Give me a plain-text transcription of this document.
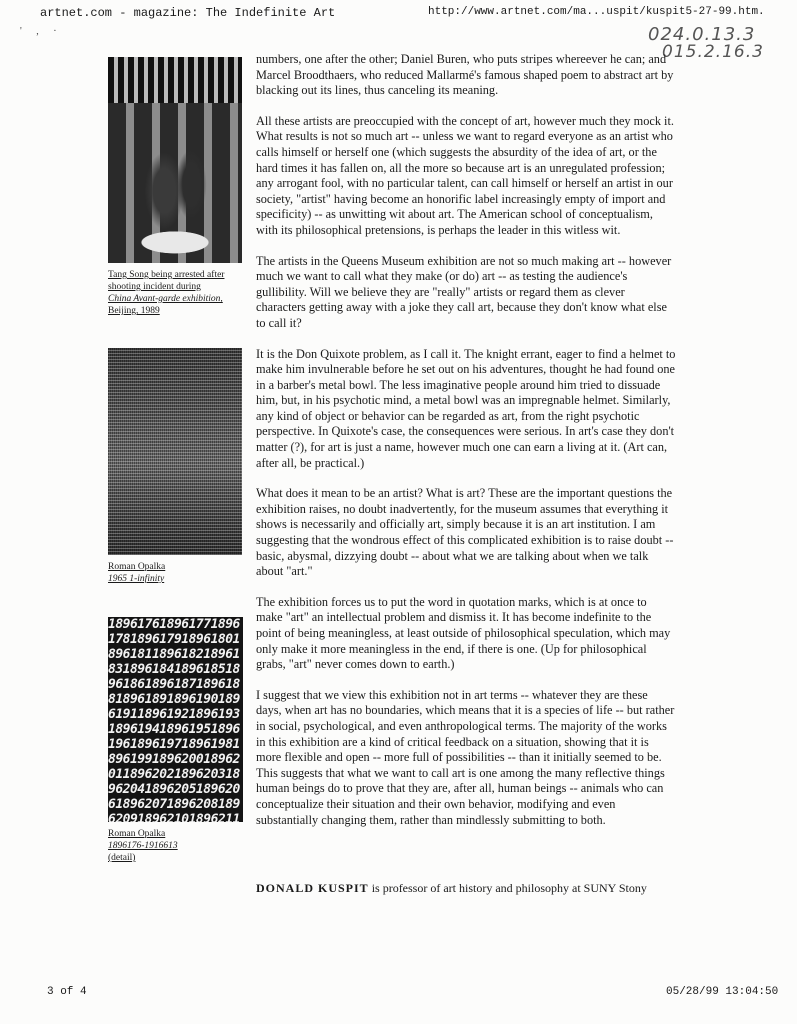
artnet.com - magazine: The Indefinite Art	http://www.artnet.com/ma...uspit/kuspit5-27-99.htm.
' , ·	024.0.13.3
015.2.16.3
Tang Song being arrested after
shooting incident during
China Avant-garde exhibition,
Beijing, 1989
Roman Opalka
1965 1-infinity
189617618961771896178189617918961801896181189618218961831896184189618518961861896187189618818961891896190189619118961921896193189619418961951896196189619718961981896199189620018962011896202189620318962041896205189620618962071896208189620918962101896211
Roman Opalka
1896176-1916613
(detail)

numbers, one after the other; Daniel Buren, who puts stripes whereever he can; and Marcel Broodthaers, who reduced Mallarmé's famous shaped poem to abstract art by blacking out its lines, thus canceling its meaning.

All these artists are preoccupied with the concept of art, however much they mock it. What results is not so much art -- unless we want to regard everyone as an artist who calls himself or herself one (which suggests the absurdity of the idea of art, or the hard times it has fallen on, all the more so because art is an unregulated profession; any arrogant fool, with no particular talent, can call himself or herself an artist in our society, "artist" having become an honorific label increasingly empty of import and specificity) -- as unwitting wit about art. The American school of conceptualism, with its philosophical pretensions, is perhaps the leader in this witless wit.

The artists in the Queens Museum exhibition are not so much making art -- however much we want to call what they make (or do) art -- as testing the audience's gullibility. Will we believe they are "really" artists or regard them as clever characters getting away with a joke they call art, because they don't know what else to call it?

It is the Don Quixote problem, as I call it. The knight errant, eager to find a helmet to make him invulnerable before he set out on his adventures, thought he had found one in a barber's metal bowl. The less imaginative people around him tried to dissuade him, but, in his psychotic mind, a metal bowl was an impregnable helmet. Similarly, any kind of object or behavior can be regarded as art, from the right psychotic perspective. In Quixote's case, the consequences were serious. In art's case they don't matter (?), for art is just a name, however much one can earn a living at it. (Art can, after all, be practical.)

What does it mean to be an artist? What is art? These are the important questions the exhibition raises, no doubt inadvertently, for the museum assumes that everything it shows is necessarily and officially art, simply because it is an art institution. I am suggesting that the wondrous effect of this complicated exhibition is to raise doubt -- basic, abysmal, dizzying doubt -- about what we are talking about when we talk about "art."

The exhibition forces us to put the word in quotation marks, which is at once to make "art" an intellectual problem and dismiss it. It has become indefinite to the point of being meaningless, at least outside of philosophical speculation, which may only make it more meaningless in the end, if there is one. (Up for philosophical grabs, "art" never comes down to earth.)

I suggest that we view this exhibition not in art terms -- whatever they are these days, when art has no boundaries, which means that it is a species of life -- but rather in social, psychological, and even anthropological terms. The majority of the works in this exhibition are a kind of critical feedback on a situation, showing that it is more flexible and open -- more full of possibilities -- than it initially seemed to be. This suggests that what we want to call art is one among the many reflective things human beings do to prove that they are, after all, human beings -- animals who can conceptualize their situation and their own behavior, modifying and even substantially changing them, rather than mindlessly submitting to both.

DONALD KUSPIT is professor of art history and philosophy at SUNY Stony
3 of 4	05/28/99 13:04:50
